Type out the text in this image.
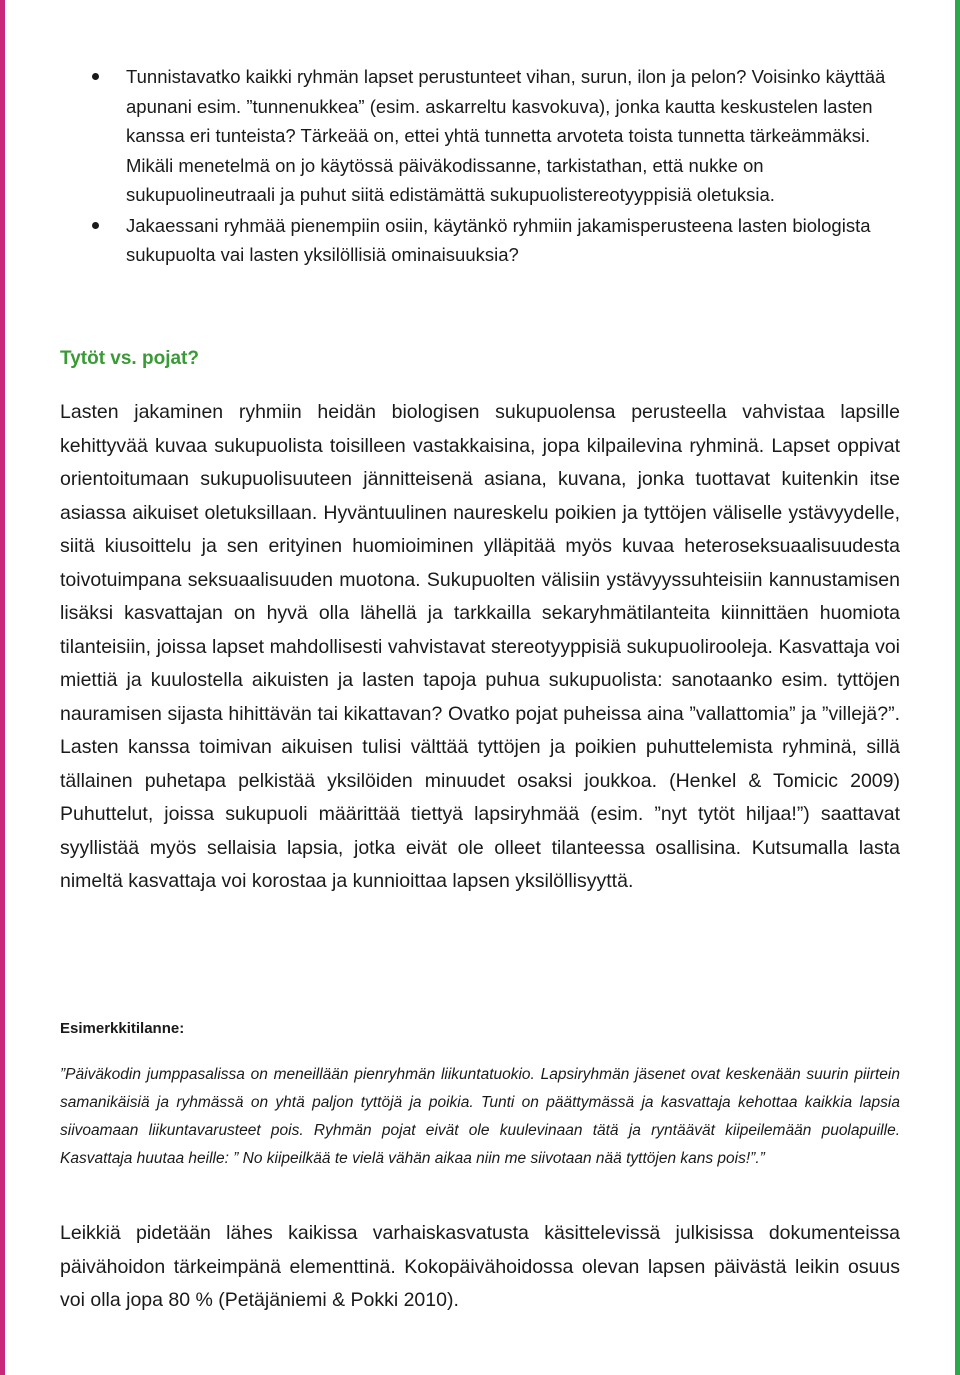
Tunnistavatko kaikki ryhmän lapset perustunteet vihan, surun, ilon ja pelon? Voisinko käyttää apunani esim. ”tunnenukkea” (esim. askarreltu kasvokuva), jonka kautta keskustelen lasten kanssa eri tunteista? Tärkeää on, ettei yhtä tunnetta arvoteta toista tunnetta tärkeämmäksi. Mikäli menetelmä on jo käytössä päiväkodissanne, tarkistathan, että nukke on sukupuolineutraali ja puhut siitä edistämättä sukupuolistereotyyppisiä oletuksia.
Jakaessani ryhmää pienempiin osiin, käytänkö ryhmiin jakamisperusteena lasten biologista sukupuolta vai lasten yksilöllisiä ominaisuuksia?
Tytöt vs. pojat?
Lasten jakaminen ryhmiin heidän biologisen sukupuolensa perusteella vahvistaa lapsille kehittyvää kuvaa sukupuolista toisilleen vastakkaisina, jopa kilpailevina ryhminä. Lapset oppivat orientoitumaan sukupuolisuuteen jännitteisenä asiana, kuvana, jonka tuottavat kuitenkin itse asiassa aikuiset oletuksillaan. Hyväntuulinen naureskelu poikien ja tyttöjen väliselle ystävyydelle, siitä kiusoittelu ja sen erityinen huomioiminen ylläpitää myös kuvaa heteroseksuaalisuudesta toivotuimpana seksuaalisuuden muotona. Sukupuolten välisiin ystävyyssuhteisiin kannustamisen lisäksi kasvattajan on hyvä olla lähellä ja tarkkailla sekaryhmätilanteita kiinnittäen huomiota tilanteisiin, joissa lapset mahdollisesti vahvistavat stereotyyppisiä sukupuolirooleja. Kasvattaja voi miettiä ja kuulostella aikuisten ja lasten tapoja puhua sukupuolista: sanotaanko esim. tyttöjen nauramisen sijasta hihittävän tai kikattavan? Ovatko pojat puheissa aina ”vallattomia” ja ”villejä?”. Lasten kanssa toimivan aikuisen tulisi välttää tyttöjen ja poikien puhuttelemista ryhminä, sillä tällainen puhetapa pelkistää yksilöiden minuudet osaksi joukkoa. (Henkel & Tomicic 2009) Puhuttelut, joissa sukupuoli määrittää tiettyä lapsiryhmää (esim. ”nyt tytöt hiljaa!”) saattavat syyllistää myös sellaisia lapsia, jotka eivät ole olleet tilanteessa osallisina. Kutsumalla lasta nimeltä kasvattaja voi korostaa ja kunnioittaa lapsen yksilöllisyyttä.
Esimerkkitilanne:
”Päiväkodin jumppasalissa on meneillään pienryhmän liikuntatuokio. Lapsiryhmän jäsenet ovat keskenään suurin piirtein samanikäisiä ja ryhmässä on yhtä paljon tyttöjä ja poikia. Tunti on päättymässä ja kasvattaja kehottaa kaikkia lapsia siivoamaan liikuntavarusteet pois. Ryhmän pojat eivät ole kuulevinaan tätä ja ryntäävät kiipeilemään puolapuille. Kasvattaja huutaa heille: ” No kiipeilkää te vielä vähän aikaa niin me siivotaan nää tyttöjen kans pois!”.”
Leikkiä pidetään lähes kaikissa varhaiskasvatusta käsittelevissä julkisissa dokumenteissa päivähoidon tärkeimpänä elementtinä. Kokopäivähoidossa olevan lapsen päivästä leikin osuus voi olla jopa 80 % (Petäjäniemi & Pokki 2010).
